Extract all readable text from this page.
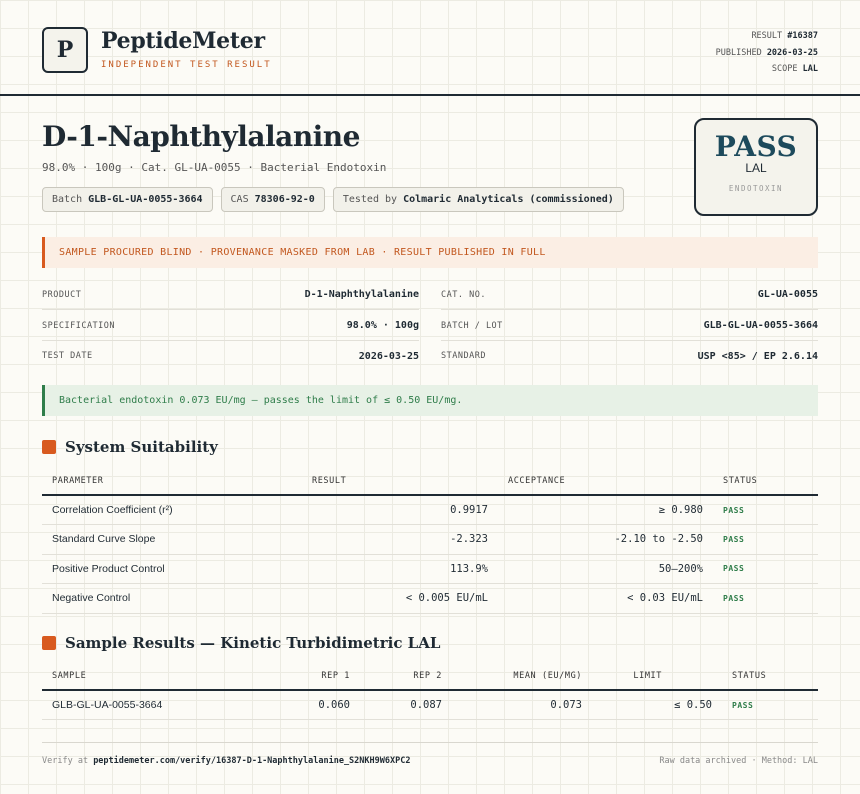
P	PeptideMeter
INDEPENDENT TEST RESULT
RESULT #16387
PUBLISHED 2026-03-25
SCOPE LAL
D-1-Naphthylalanine
98.0% · 100g · Cat. GL-UA-0055 · Bacterial Endotoxin
Batch GLB-GL-UA-0055-3664	CAS 78306-92-0	Tested by Colmaric Analyticals (commissioned)
PASS
LAL
ENDOTOXIN
SAMPLE PROCURED BLIND · PROVENANCE MASKED FROM LAB · RESULT PUBLISHED IN FULL
PRODUCT	D-1-Naphthylalanine	CAT. NO.	GL-UA-0055
SPECIFICATION	98.0% · 100g	BATCH / LOT	GLB-GL-UA-0055-3664
TEST DATE	2026-03-25	STANDARD	USP <85> / EP 2.6.14
Bacterial endotoxin 0.073 EU/mg — passes the limit of ≤ 0.50 EU/mg.
System Suitability
PARAMETER	RESULT	ACCEPTANCE	STATUS
Correlation Coefficient (r²)	0.9917	≥ 0.980	PASS
Standard Curve Slope	-2.323	-2.10 to -2.50	PASS
Positive Product Control	113.9%	50–200%	PASS
Negative Control	< 0.005 EU/mL	< 0.03 EU/mL	PASS
Sample Results — Kinetic Turbidimetric LAL
SAMPLE	REP 1	REP 2	MEAN (EU/MG)	LIMIT	STATUS
GLB-GL-UA-0055-3664	0.060	0.087	0.073	≤ 0.50	PASS
Verify at peptidemeter.com/verify/16387-D-1-Naphthylalanine_S2NKH9W6XPC2	Raw data archived · Method: LAL
